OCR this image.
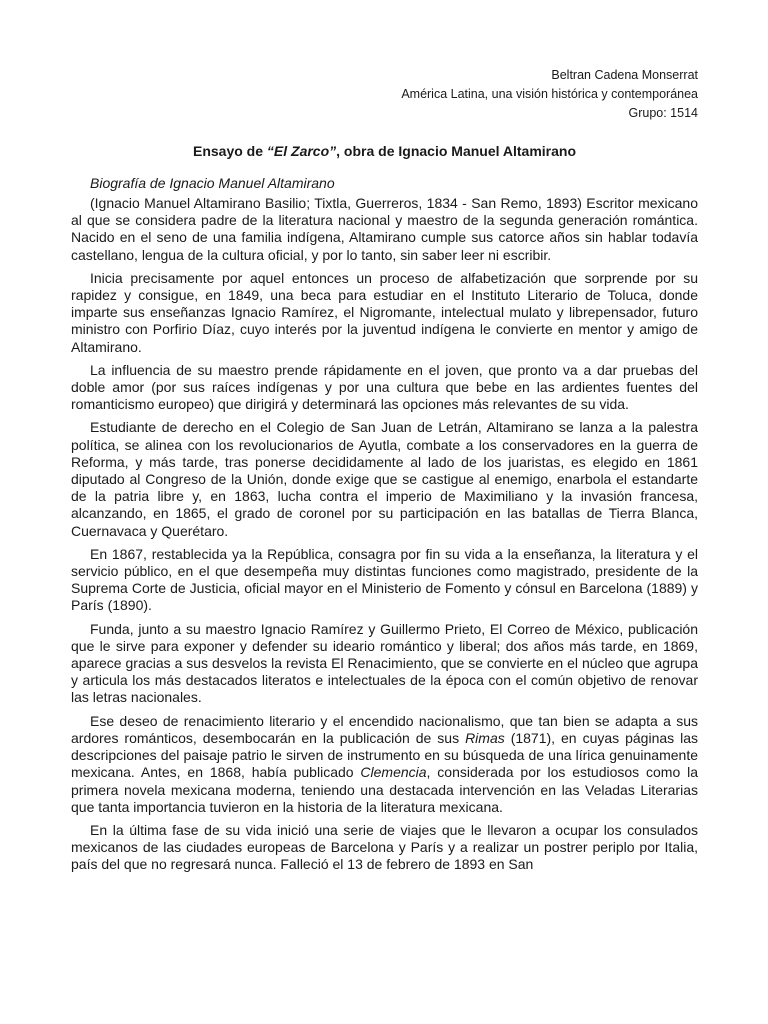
Beltran Cadena Monserrat
América Latina, una visión histórica y contemporánea
Grupo: 1514
Ensayo de “El Zarco”, obra de Ignacio Manuel Altamirano
Biografía de Ignacio Manuel Altamirano

(Ignacio Manuel Altamirano Basilio; Tixtla, Guerreros, 1834 - San Remo, 1893) Escritor mexicano al que se considera padre de la literatura nacional y maestro de la segunda generación romántica. Nacido en el seno de una familia indígena, Altamirano cumple sus catorce años sin hablar todavía castellano, lengua de la cultura oficial, y por lo tanto, sin saber leer ni escribir.

Inicia precisamente por aquel entonces un proceso de alfabetización que sorprende por su rapidez y consigue, en 1849, una beca para estudiar en el Instituto Literario de Toluca, donde imparte sus enseñanzas Ignacio Ramírez, el Nigromante, intelectual mulato y librepensador, futuro ministro con Porfirio Díaz, cuyo interés por la juventud indígena le convierte en mentor y amigo de Altamirano.

La influencia de su maestro prende rápidamente en el joven, que pronto va a dar pruebas del doble amor (por sus raíces indígenas y por una cultura que bebe en las ardientes fuentes del romanticismo europeo) que dirigirá y determinará las opciones más relevantes de su vida.

Estudiante de derecho en el Colegio de San Juan de Letrán, Altamirano se lanza a la palestra política, se alinea con los revolucionarios de Ayutla, combate a los conservadores en la guerra de Reforma, y más tarde, tras ponerse decididamente al lado de los juaristas, es elegido en 1861 diputado al Congreso de la Unión, donde exige que se castigue al enemigo, enarbola el estandarte de la patria libre y, en 1863, lucha contra el imperio de Maximiliano y la invasión francesa, alcanzando, en 1865, el grado de coronel por su participación en las batallas de Tierra Blanca, Cuernavaca y Querétaro.

En 1867, restablecida ya la República, consagra por fin su vida a la enseñanza, la literatura y el servicio público, en el que desempeña muy distintas funciones como magistrado, presidente de la Suprema Corte de Justicia, oficial mayor en el Ministerio de Fomento y cónsul en Barcelona (1889) y París (1890).

Funda, junto a su maestro Ignacio Ramírez y Guillermo Prieto, El Correo de México, publicación que le sirve para exponer y defender su ideario romántico y liberal; dos años más tarde, en 1869, aparece gracias a sus desvelos la revista El Renacimiento, que se convierte en el núcleo que agrupa y articula los más destacados literatos e intelectuales de la época con el común objetivo de renovar las letras nacionales.

Ese deseo de renacimiento literario y el encendido nacionalismo, que tan bien se adapta a sus ardores románticos, desembocarán en la publicación de sus Rimas (1871), en cuyas páginas las descripciones del paisaje patrio le sirven de instrumento en su búsqueda de una lírica genuinamente mexicana. Antes, en 1868, había publicado Clemencia, considerada por los estudiosos como la primera novela mexicana moderna, teniendo una destacada intervención en las Veladas Literarias que tanta importancia tuvieron en la historia de la literatura mexicana.

En la última fase de su vida inició una serie de viajes que le llevaron a ocupar los consulados mexicanos de las ciudades europeas de Barcelona y París y a realizar un postrer periplo por Italia, país del que no regresará nunca. Falleció el 13 de febrero de 1893 en San
